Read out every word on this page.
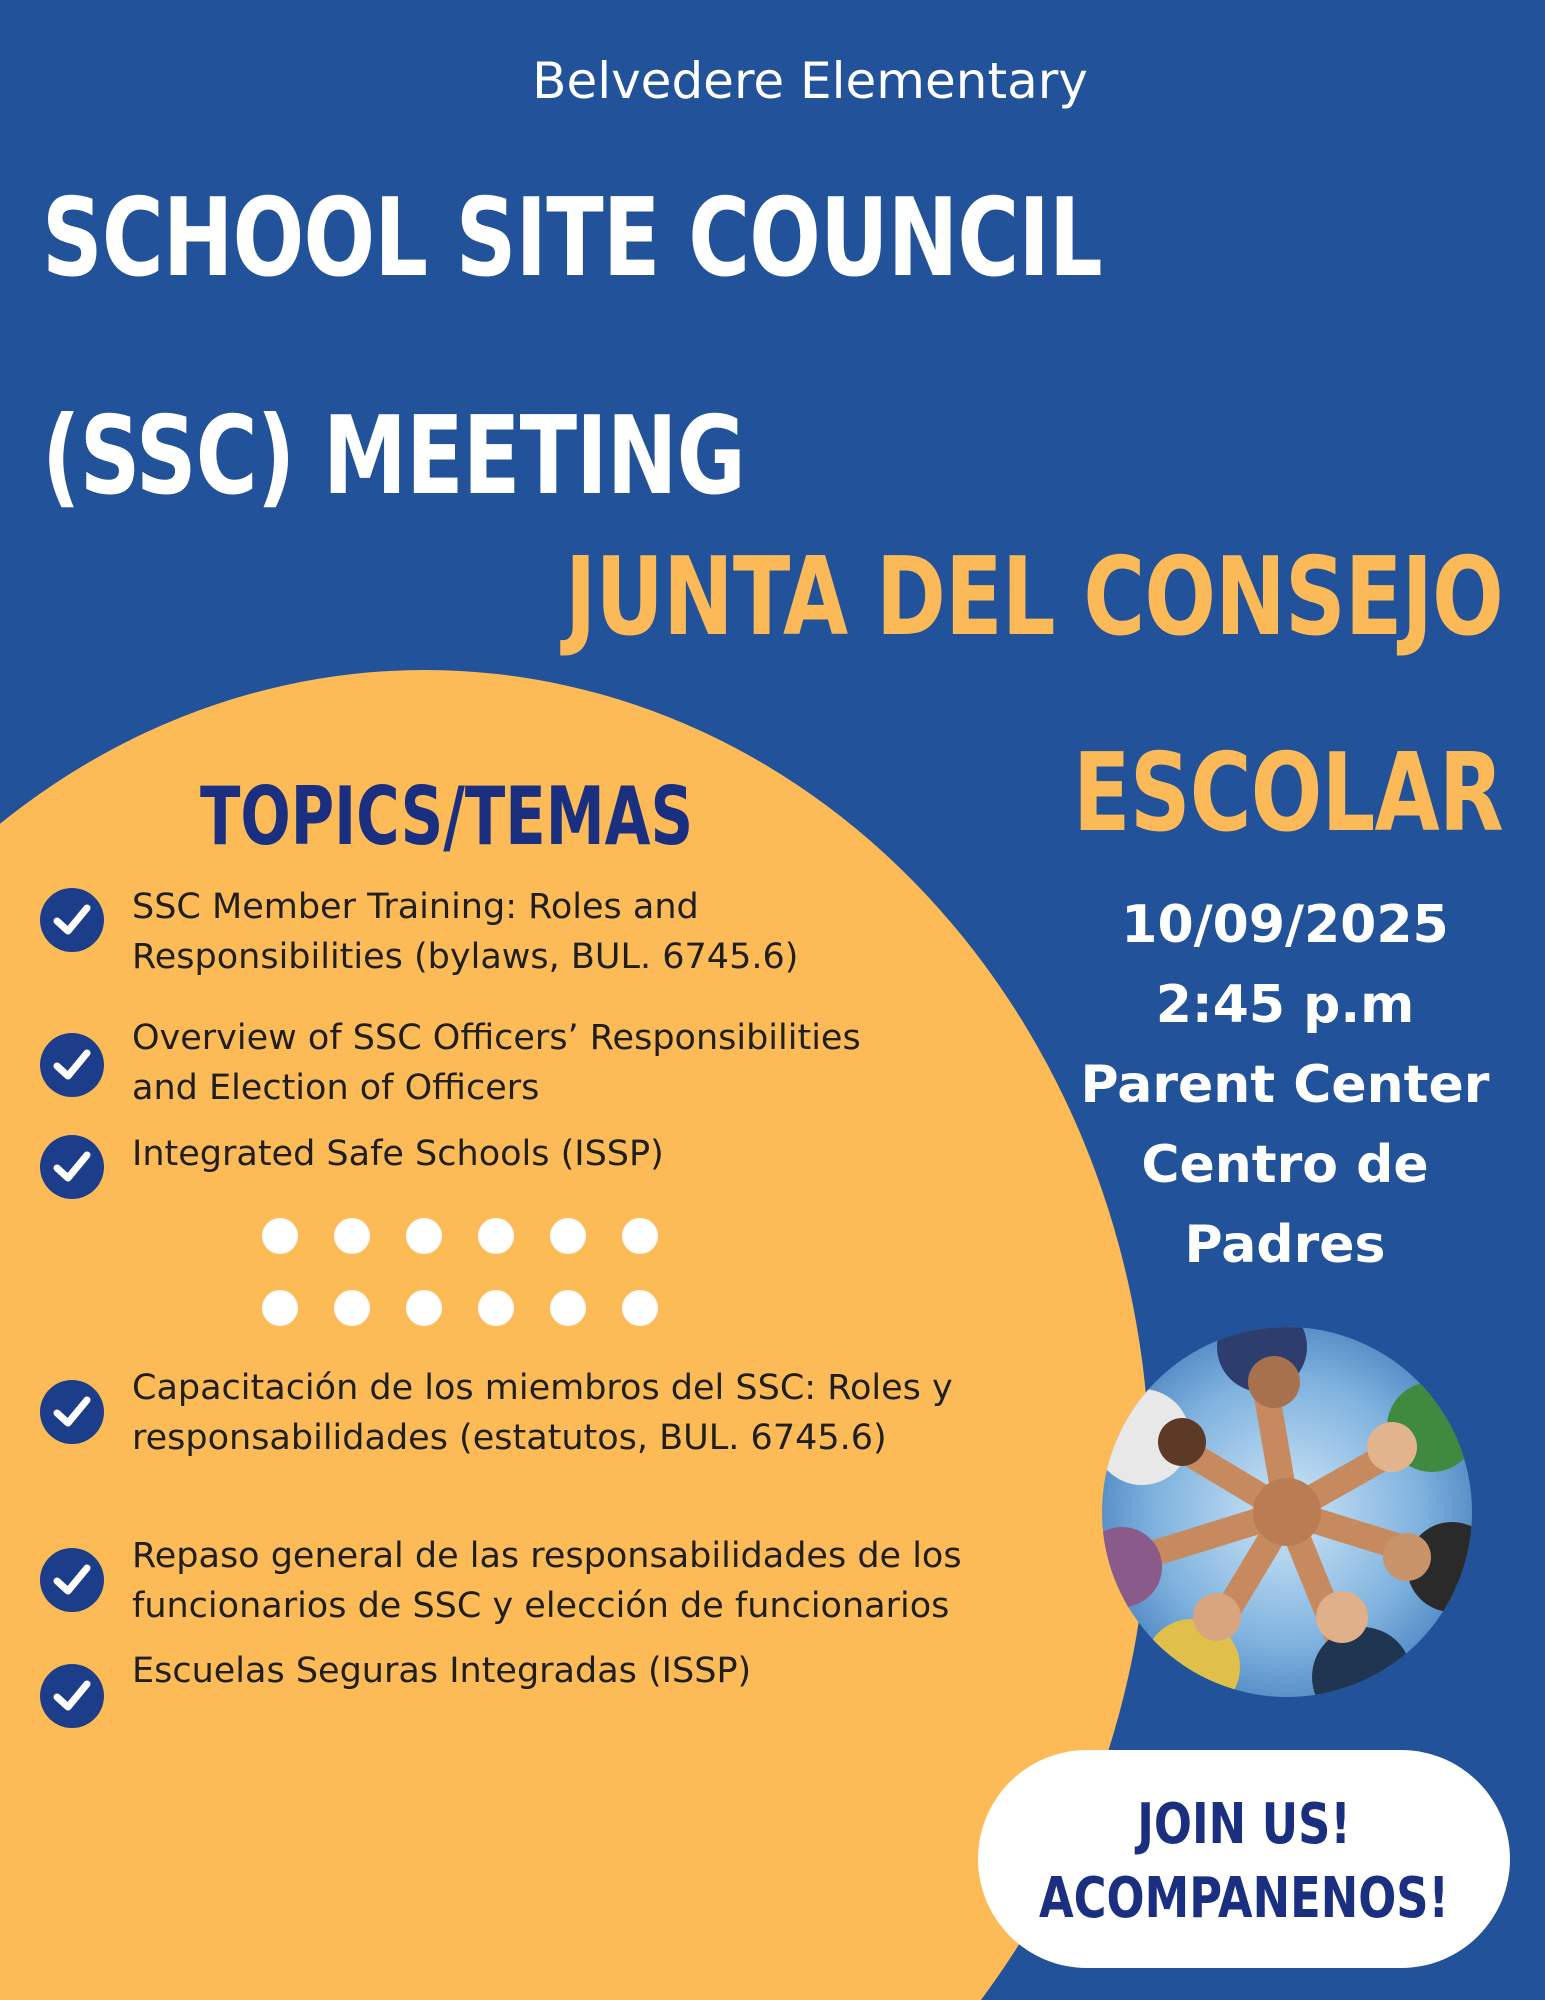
Belvedere Elementary
SCHOOL SITE COUNCIL
(SSC) MEETING
JUNTA DEL CONSEJO
ESCOLAR
TOPICS/TEMAS
SSC Member Training: Roles and
Responsibilities (bylaws, BUL. 6745.6)
Overview of SSC Officers’ Responsibilities
and Election of Officers
Integrated Safe Schools (ISSP)
Capacitación de los miembros del SSC: Roles y
responsabilidades (estatutos, BUL. 6745.6)
Repaso general de las responsabilidades de los
funcionarios de SSC y elección de funcionarios
Escuelas Seguras Integradas (ISSP)
10/09/2025
2:45 p.m
Parent Center
Centro de
Padres
JOIN US!
ACOMPANENOS!
